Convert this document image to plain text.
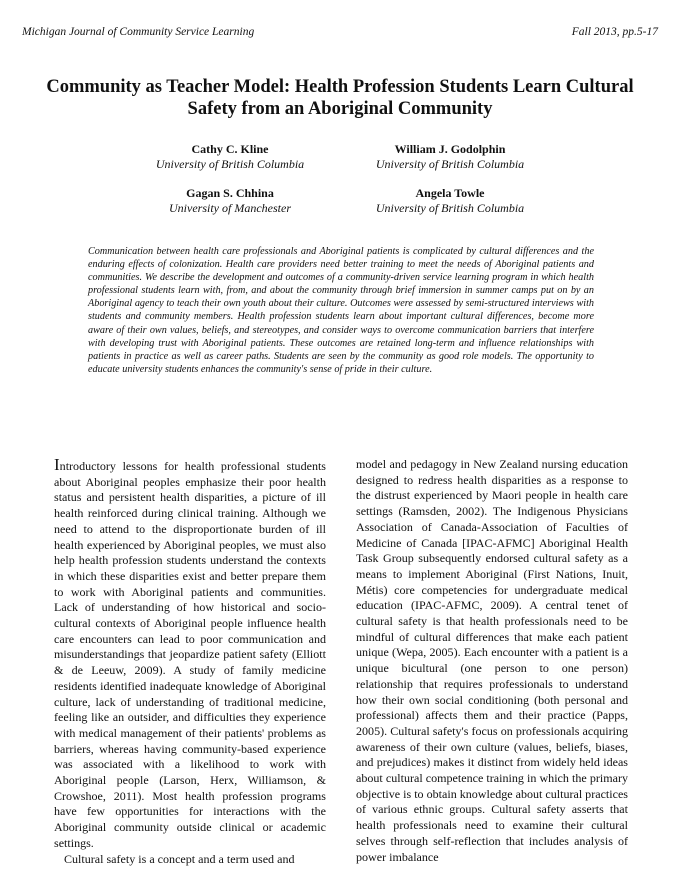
Michigan Journal of Community Service Learning	Fall 2013, pp.5-17
Community as Teacher Model: Health Profession Students Learn Cultural Safety from an Aboriginal Community
Cathy C. Kline
University of British Columbia
William J. Godolphin
University of British Columbia
Gagan S. Chhina
University of Manchester
Angela Towle
University of British Columbia
Communication between health care professionals and Aboriginal patients is complicated by cultural differences and the enduring effects of colonization. Health care providers need better training to meet the needs of Aboriginal patients and communities. We describe the development and outcomes of a community-driven service learning program in which health professional students learn with, from, and about the community through brief immersion in summer camps put on by an Aboriginal agency to teach their own youth about their culture. Outcomes were assessed by semi-structured interviews with students and community members. Health profession students learn about important cultural differences, become more aware of their own values, beliefs, and stereotypes, and consider ways to overcome communication barriers that interfere with developing trust with Aboriginal patients. These outcomes are retained long-term and influence relationships with patients in practice as well as career paths. Students are seen by the community as good role models. The opportunity to educate university students enhances the community's sense of pride in their culture.
Introductory lessons for health professional students about Aboriginal peoples emphasize their poor health status and persistent health disparities, a picture of ill health reinforced during clinical training. Although we need to attend to the disproportionate burden of ill health experienced by Aboriginal peoples, we must also help health profession students understand the contexts in which these disparities exist and better prepare them to work with Aboriginal patients and communities. Lack of understanding of how historical and socio-cultural contexts of Aboriginal people influence health care encounters can lead to poor communication and misunderstandings that jeopardize patient safety (Elliott & de Leeuw, 2009). A study of family medicine residents identified inadequate knowledge of Aboriginal culture, lack of understanding of traditional medicine, feeling like an outsider, and difficulties they experience with medical management of their patients' problems as barriers, whereas having community-based experience was associated with a likelihood to work with Aboriginal people (Larson, Herx, Williamson, & Crowshoe, 2011). Most health profession programs have few opportunities for interactions with the Aboriginal community outside clinical or academic settings.
Cultural safety is a concept and a term used and
model and pedagogy in New Zealand nursing education designed to redress health disparities as a response to the distrust experienced by Maori people in health care settings (Ramsden, 2002). The Indigenous Physicians Association of Canada-Association of Faculties of Medicine of Canada [IPAC-AFMC] Aboriginal Health Task Group subsequently endorsed cultural safety as a means to implement Aboriginal (First Nations, Inuit, Métis) core competencies for undergraduate medical education (IPAC-AFMC, 2009). A central tenet of cultural safety is that health professionals need to be mindful of cultural differences that make each patient unique (Wepa, 2005). Each encounter with a patient is a unique bicultural (one person to one person) relationship that requires professionals to understand how their own social conditioning (both personal and professional) affects them and their practice (Papps, 2005). Cultural safety's focus on professionals acquiring awareness of their own culture (values, beliefs, biases, and prejudices) makes it distinct from widely held ideas about cultural competence training in which the primary objective is to obtain knowledge about cultural practices of various ethnic groups. Cultural safety asserts that health professionals need to examine their cultural selves through self-reflection that includes analysis of power imbalance
